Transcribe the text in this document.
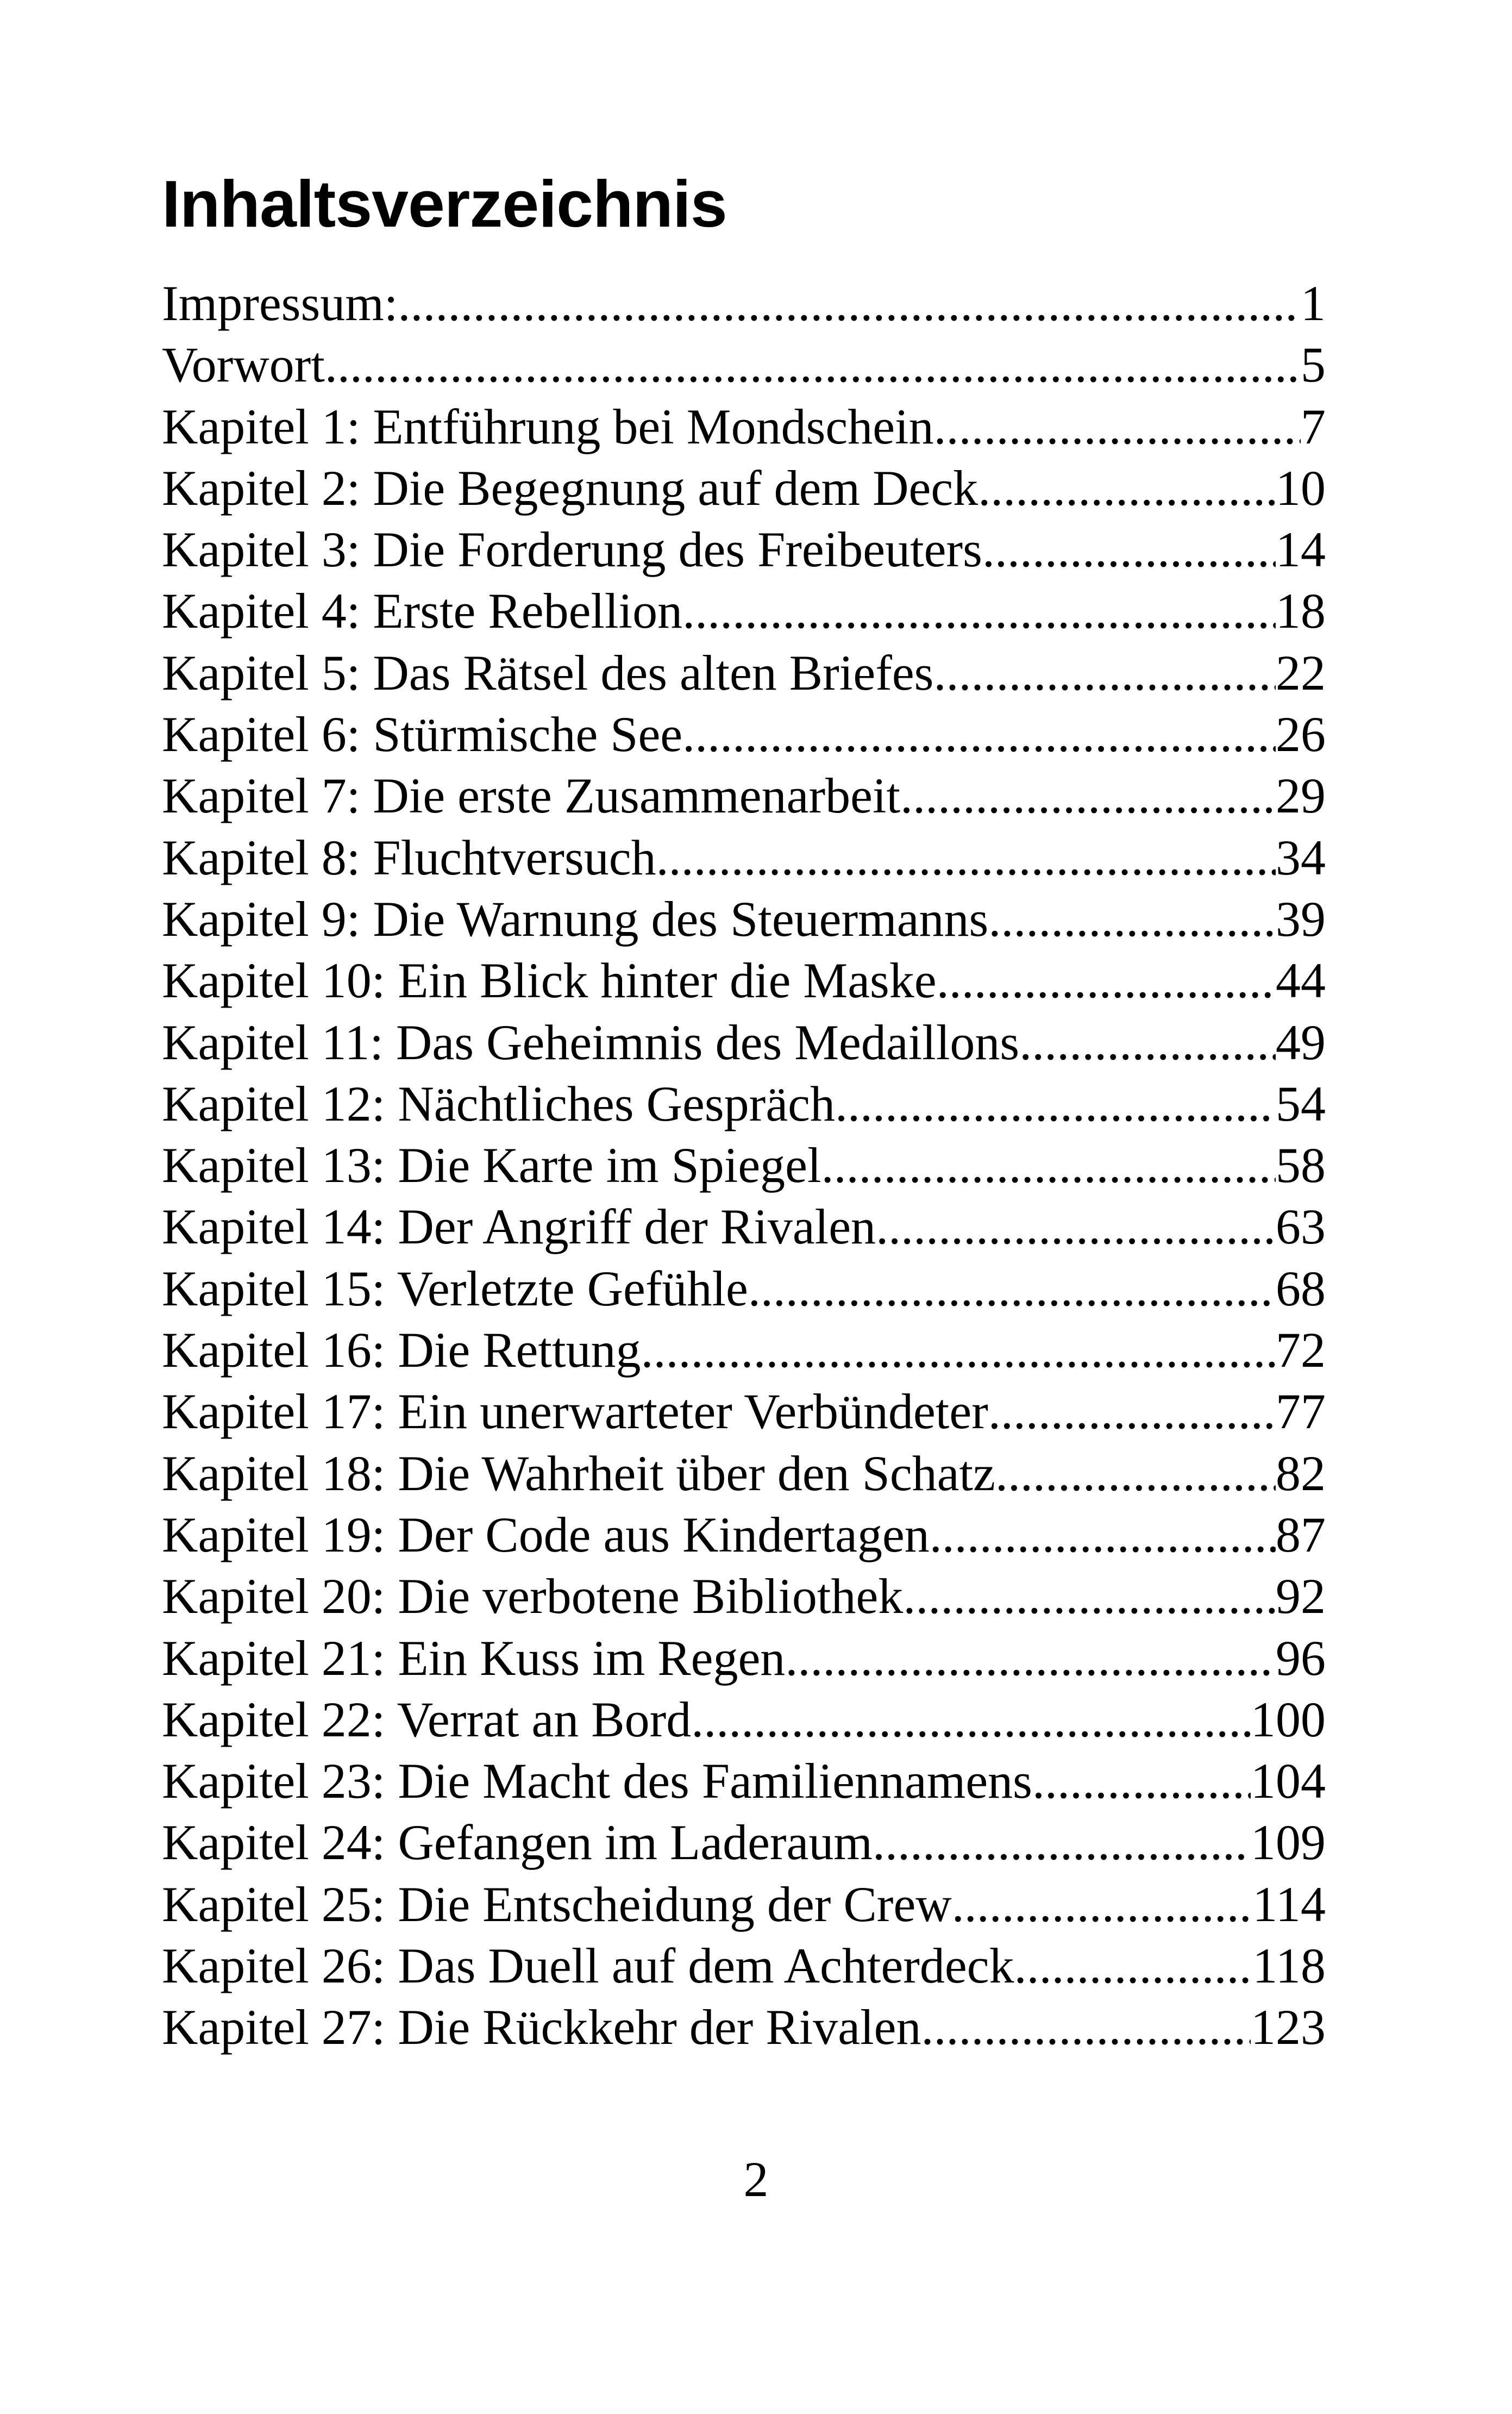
Inhaltsverzeichnis
Impressum: .....	1
Vorwort .....	5
Kapitel 1: Entführung bei Mondschein .....	7
Kapitel 2: Die Begegnung auf dem Deck .....	10
Kapitel 3: Die Forderung des Freibeuters .....	14
Kapitel 4: Erste Rebellion .....	18
Kapitel 5: Das Rätsel des alten Briefes .....	22
Kapitel 6: Stürmische See .....	26
Kapitel 7: Die erste Zusammenarbeit .....	29
Kapitel 8: Fluchtversuch .....	34
Kapitel 9: Die Warnung des Steuermanns .....	39
Kapitel 10: Ein Blick hinter die Maske .....	44
Kapitel 11: Das Geheimnis des Medaillons .....	49
Kapitel 12: Nächtliches Gespräch .....	54
Kapitel 13: Die Karte im Spiegel .....	58
Kapitel 14: Der Angriff der Rivalen .....	63
Kapitel 15: Verletzte Gefühle .....	68
Kapitel 16: Die Rettung .....	72
Kapitel 17: Ein unerwarteter Verbündeter .....	77
Kapitel 18: Die Wahrheit über den Schatz .....	82
Kapitel 19: Der Code aus Kindertagen .....	87
Kapitel 20: Die verbotene Bibliothek .....	92
Kapitel 21: Ein Kuss im Regen .....	96
Kapitel 22: Verrat an Bord .....	100
Kapitel 23: Die Macht des Familiennamens .....	104
Kapitel 24: Gefangen im Laderaum .....	109
Kapitel 25: Die Entscheidung der Crew .....	114
Kapitel 26: Das Duell auf dem Achterdeck .....	118
Kapitel 27: Die Rückkehr der Rivalen .....	123
2
